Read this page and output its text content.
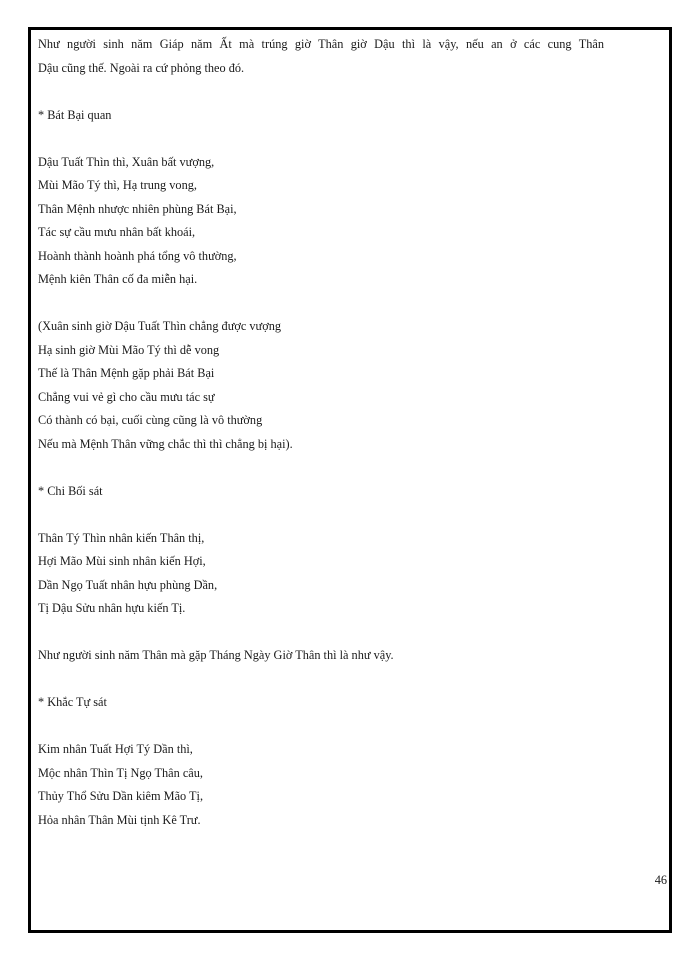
Như người sinh năm Giáp năm Ất mà trúng giờ Thân giờ Dậu thì là vậy, nếu an ở các cung Thân
Dậu cũng thế. Ngoài ra cứ phỏng theo đó.

* Bát Bại quan
Dậu Tuất Thìn thì, Xuân bất vượng,
Mùi Mão Tý thì, Hạ trung vong,
Thân Mệnh nhược nhiên phùng Bát Bại,
Tác sự cầu mưu nhân bất khoái,
Hoành thành hoành phá tổng vô thường,
Mệnh kiên Thân cố đa miễn hại.
(Xuân sinh giờ Dậu Tuất Thìn chẳng được vượng
Hạ sinh giờ Mùi Mão Tý thì dễ vong
Thế là Thân Mệnh gặp phải Bát Bại
Chẳng vui vẻ gì cho cầu mưu tác sự
Có thành có bại, cuối cùng cũng là vô thường
Nếu mà Mệnh Thân vững chắc thì thì chẳng bị hại).
* Chi Bối sát
Thân Tý Thìn nhân kiến Thân thị,
Hợi Mão Mùi sinh nhân kiến Hợi,
Dần Ngọ Tuất nhân hựu phùng Dần,
Tị Dậu Sửu nhân hựu kiến Tị.
Như người sinh năm Thân mà gặp Tháng Ngày Giờ Thân thì là như vậy.
* Khắc Tự sát
Kim nhân Tuất Hợi Tý Dần thì,
Mộc nhân Thìn Tị Ngọ Thân câu,
Thủy Thổ Sửu Dần kiêm Mão Tị,
Hỏa nhân Thân Mùi tịnh Kê Trư.
46
